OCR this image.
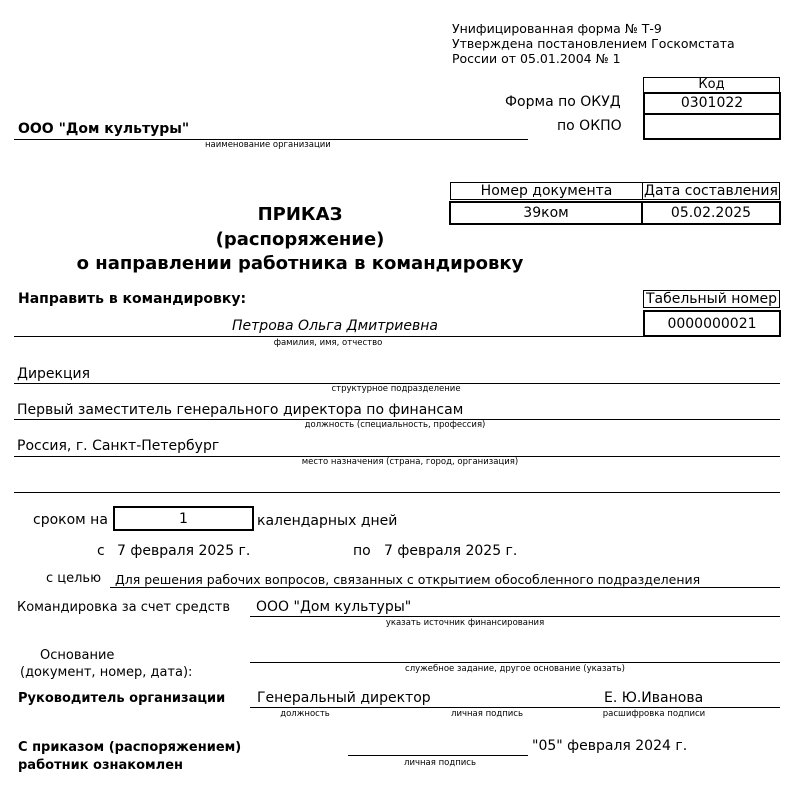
Унифицированная форма № Т-9
Утверждена постановлением Госкомстата
России от 05.01.2004 № 1
Код
Форма по ОКУД	0301022
по ОКПО
ООО "Дом культуры"
наименование организации
Номер документа	Дата составления
39ком	05.02.2025
ПРИКАЗ
(распоряжение)
о направлении работника в командировку
Направить в командировку:	Табельный номер
0000000021
Петрова Ольга Дмитриевна
фамилия, имя, отчество
Дирекция
структурное подразделение
Первый заместитель генерального директора по финансам
должность (специальность, профессия)
Россия, г. Санкт-Петербург
место назначения (страна, город, организация)
сроком на	1	календарных дней
с 7 февраля 2025 г.	по 7 февраля 2025 г.
с целью Для решения рабочих вопросов, связанных с открытием обособленного подразделения
Командировка за счет средств ООО "Дом культуры"
указать источник финансирования
Основание
(документ, номер, дата):	служебное задание, другое основание (указать)
Руководитель организации Генеральный директор	Е. Ю.Иванова
должность	личная подпись	расшифровка подписи
С приказом (распоряжением)
работник ознакомлен	личная подпись
"05" февраля 2024 г.
